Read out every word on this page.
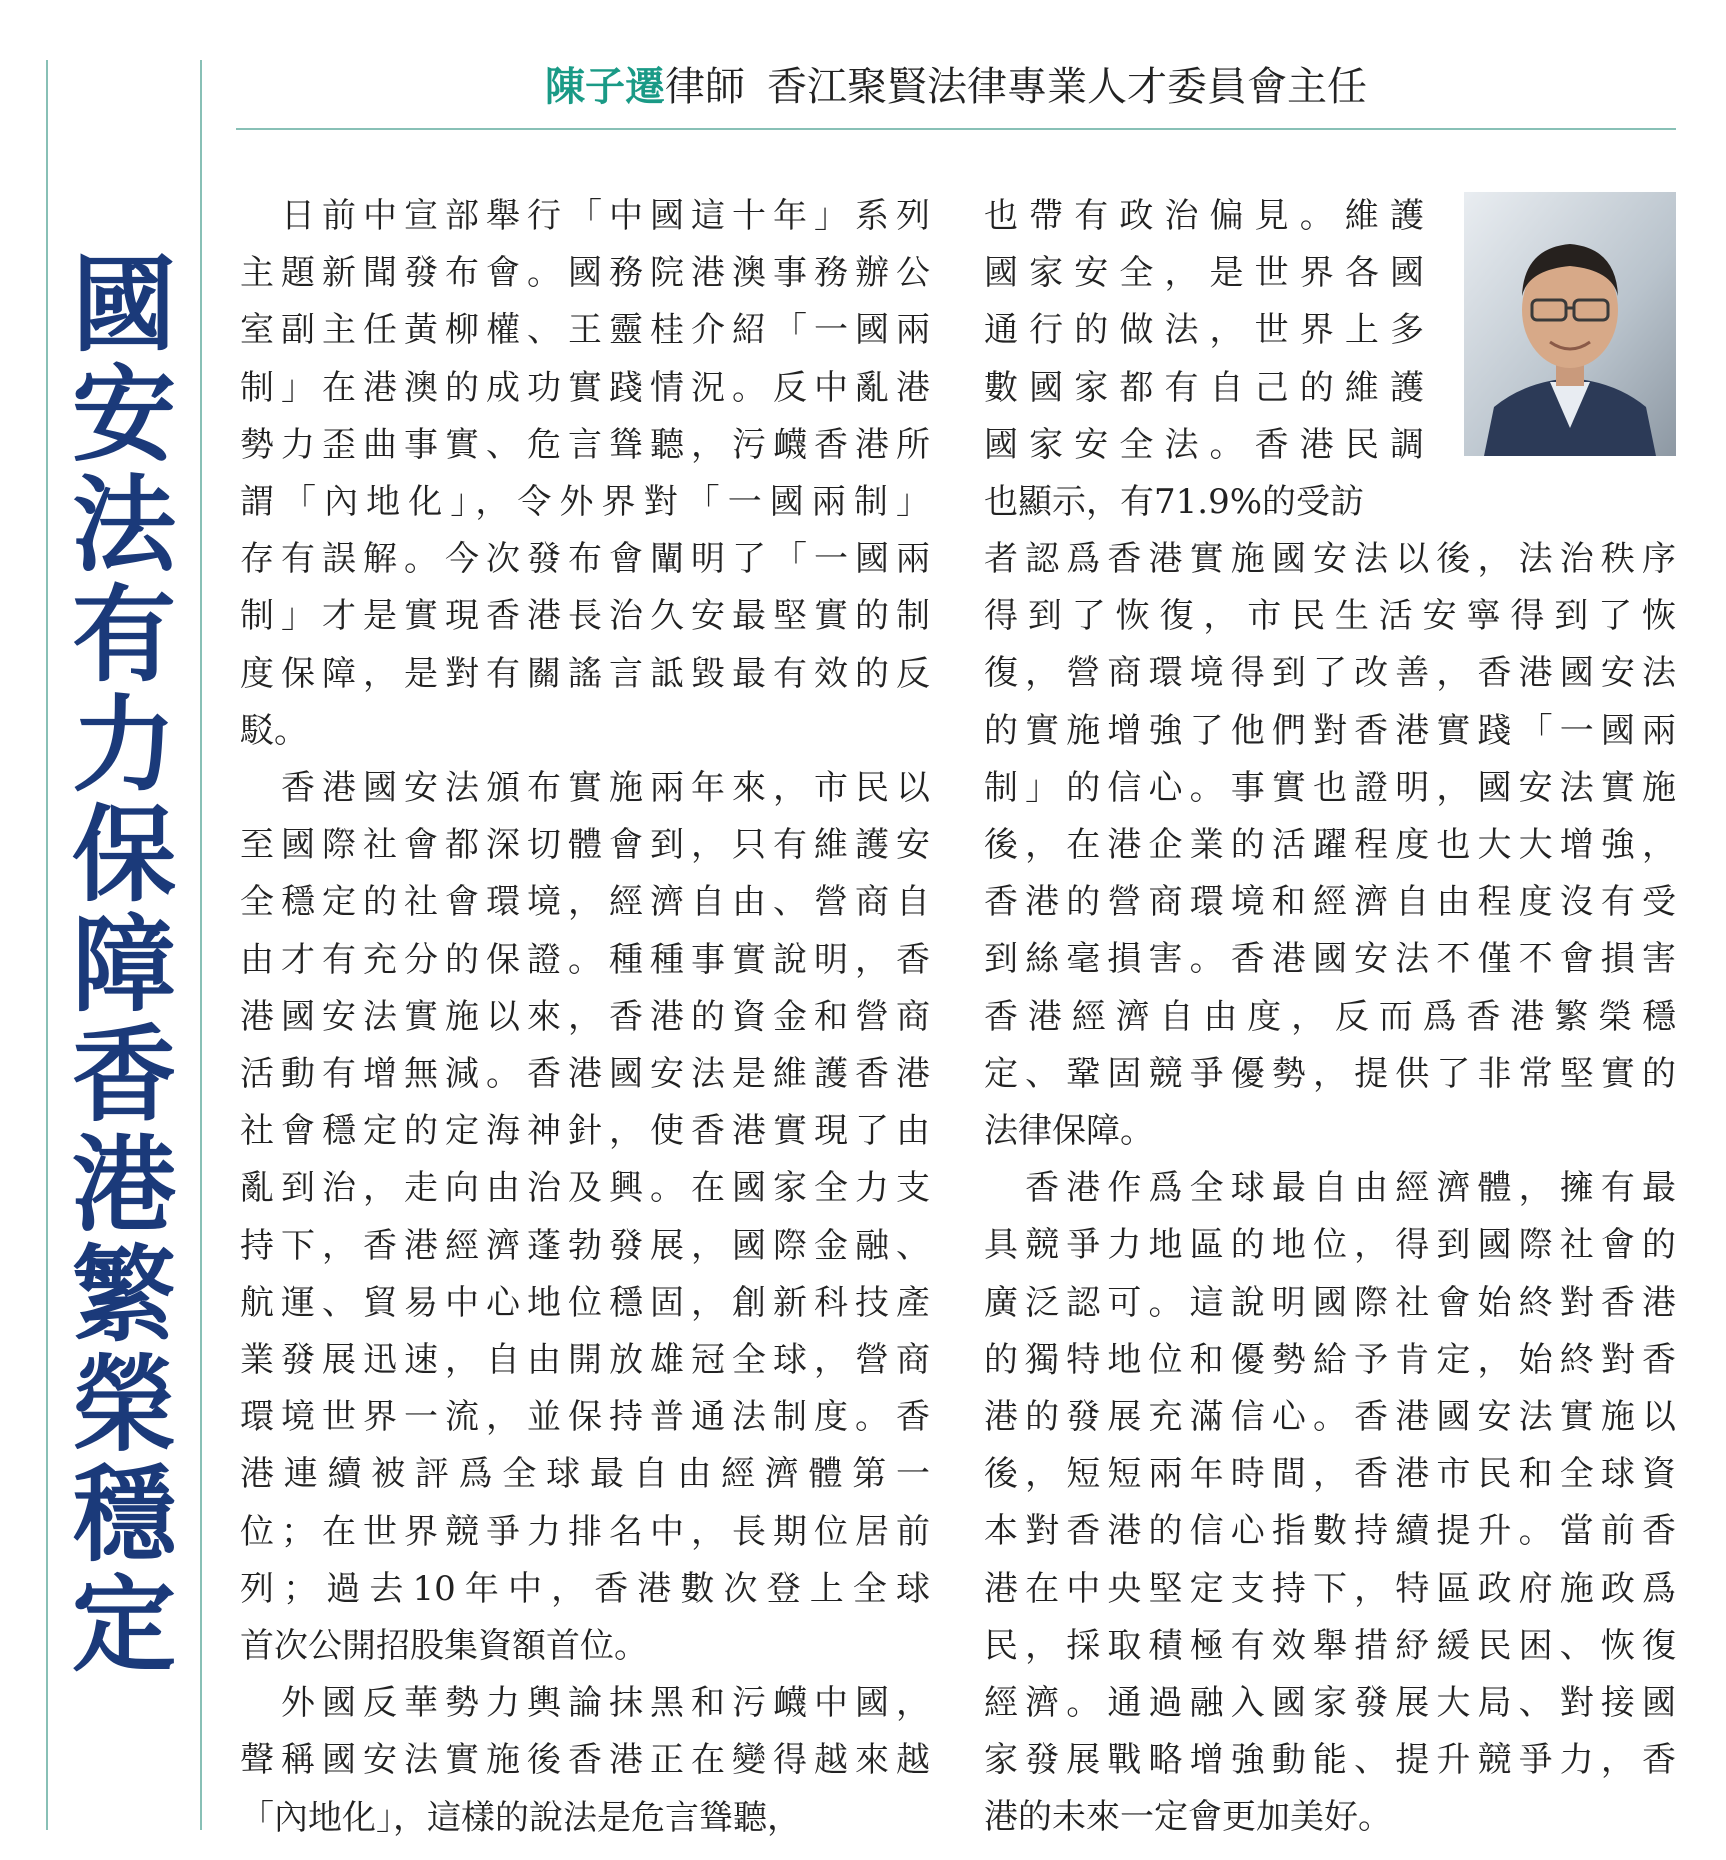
國
安
法
有
力
保
障
香
港
繁
榮
穩
定
陳子遷律師 香江聚賢法律專業人才委員會主任
　日前中宣部舉行「中國這十年」系列
主題新聞發布會。國務院港澳事務辦公
室副主任黃柳權、王靈桂介紹「一國兩
制」在港澳的成功實踐情況。反中亂港
勢力歪曲事實、危言聳聽，污衊香港所
謂「內地化」，令外界對「一國兩制」
存有誤解。今次發布會闡明了「一國兩
制」才是實現香港長治久安最堅實的制
度保障，是對有關謠言詆毀最有效的反
駁。
　香港國安法頒布實施兩年來，市民以
至國際社會都深切體會到，只有維護安
全穩定的社會環境，經濟自由、營商自
由才有充分的保證。種種事實說明，香
港國安法實施以來，香港的資金和營商
活動有增無減。香港國安法是維護香港
社會穩定的定海神針，使香港實現了由
亂到治，走向由治及興。在國家全力支
持下，香港經濟蓬勃發展，國際金融、
航運、貿易中心地位穩固，創新科技產
業發展迅速，自由開放雄冠全球，營商
環境世界一流，並保持普通法制度。香
港連續被評爲全球最自由經濟體第一
位；在世界競爭力排名中，長期位居前
列；過去10年中，香港數次登上全球
首次公開招股集資額首位。
　外國反華勢力輿論抹黑和污衊中國，
聲稱國安法實施後香港正在變得越來越
「內地化」，這樣的說法是危言聳聽，
也帶有政治偏見。維護
國家安全，是世界各國
通行的做法，世界上多
數國家都有自己的維護
國家安全法。香港民調
也顯示，有71.9%的受訪
者認爲香港實施國安法以後，法治秩序
得到了恢復，市民生活安寧得到了恢
復，營商環境得到了改善，香港國安法
的實施增強了他們對香港實踐「一國兩
制」的信心。事實也證明，國安法實施
後，在港企業的活躍程度也大大增強，
香港的營商環境和經濟自由程度沒有受
到絲毫損害。香港國安法不僅不會損害
香港經濟自由度，反而爲香港繁榮穩
定、鞏固競爭優勢，提供了非常堅實的
法律保障。
　香港作爲全球最自由經濟體，擁有最
具競爭力地區的地位，得到國際社會的
廣泛認可。這說明國際社會始終對香港
的獨特地位和優勢給予肯定，始終對香
港的發展充滿信心。香港國安法實施以
後，短短兩年時間，香港市民和全球資
本對香港的信心指數持續提升。當前香
港在中央堅定支持下，特區政府施政爲
民，採取積極有效舉措紓緩民困、恢復
經濟。通過融入國家發展大局、對接國
家發展戰略增強動能、提升競爭力，香
港的未來一定會更加美好。
